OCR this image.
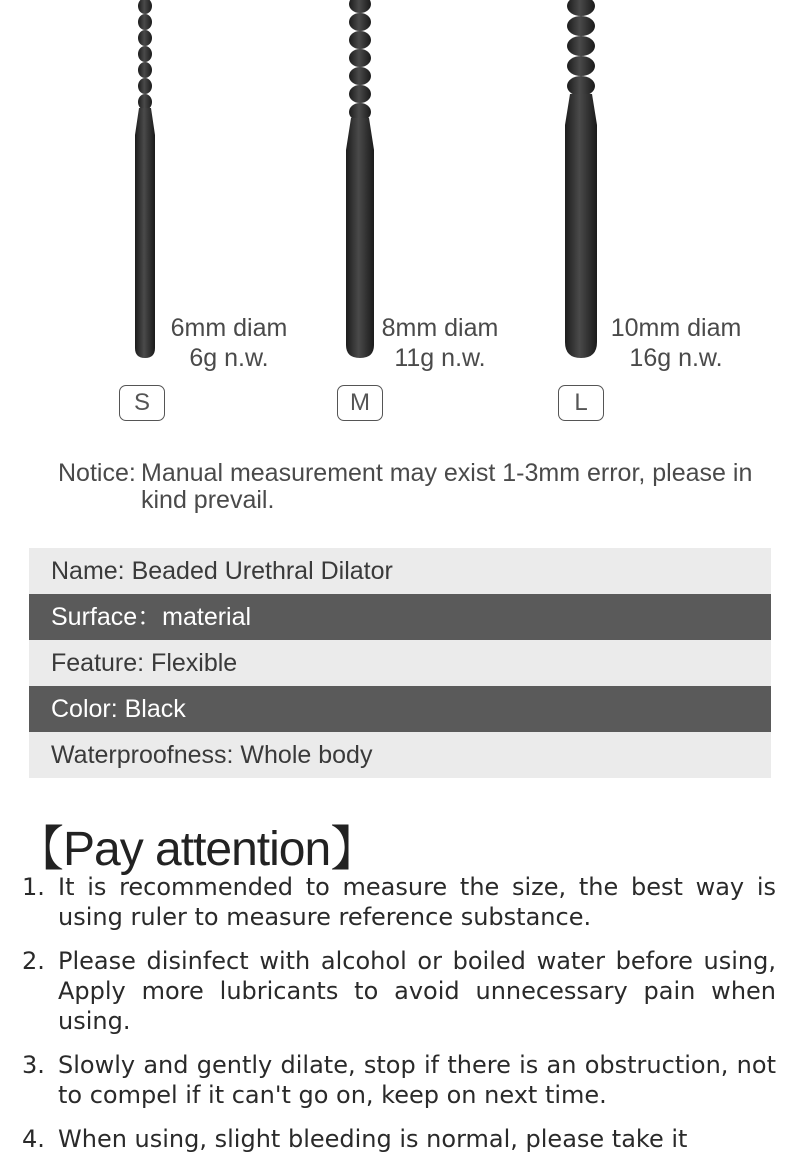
6mm diam
6g n.w.
8mm diam
11g n.w.
10mm diam
16g n.w.
S	M	L
Notice: Manual measurement may exist 1-3mm error, please in kind prevail.
Name: Beaded Urethral Dilator
Surface：material
Feature: Flexible
Color: Black
Waterproofness: Whole body
【Pay attention】
1. It is recommended to measure the size, the best way is using ruler to measure reference substance.
2. Please disinfect with alcohol or boiled water before using, Apply more lubricants to avoid unnecessary pain when using.
3. Slowly and gently dilate, stop if there is an obstruction, not to compel if it can't go on, keep on next time.
4. When using, slight bleeding is normal, please take it
